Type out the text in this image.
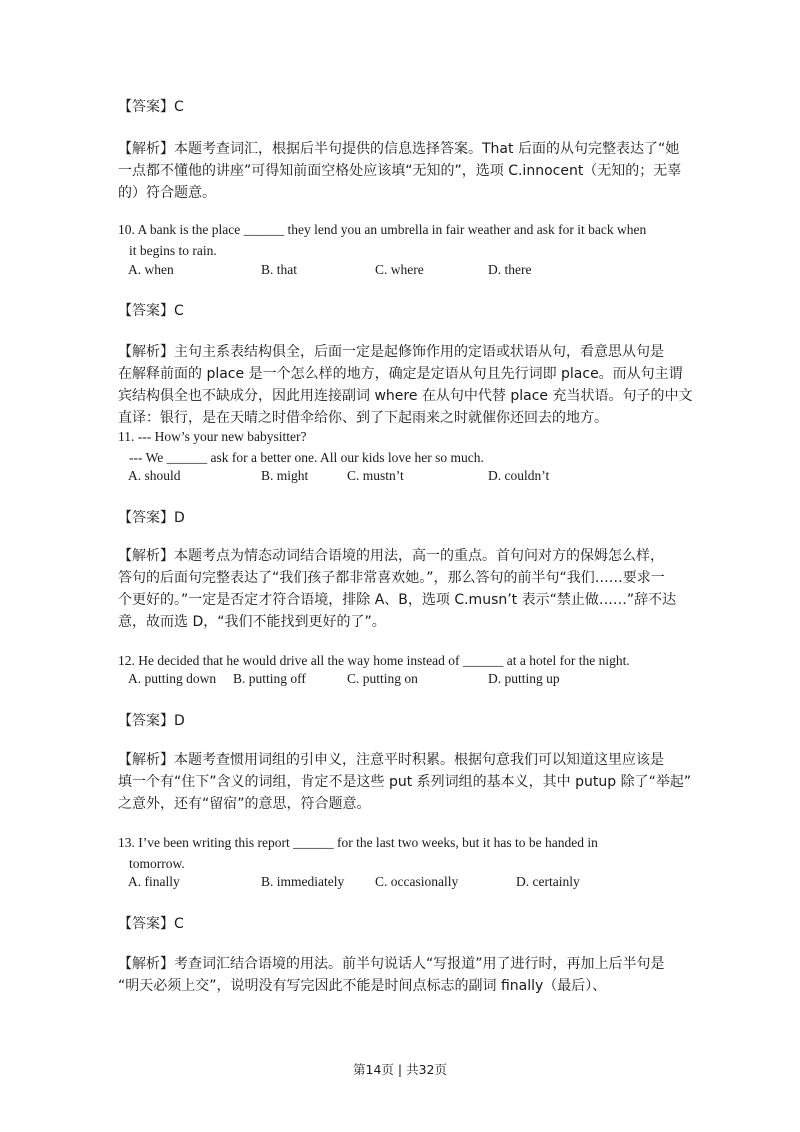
【答案】C
【解析】本题考查词汇，根据后半句提供的信息选择答案。That 后面的从句完整表达了“她
一点都不懂他的讲座”可得知前面空格处应该填“无知的”，选项 C.innocent（无知的；无辜
的）符合题意。
10. A bank is the place ______ they lend you an umbrella in fair weather and ask for it back when
it begins to rain.
A. when	B. that	C. where	D. there
【答案】C
【解析】主句主系表结构俱全，后面一定是起修饰作用的定语或状语从句，看意思从句是
在解释前面的 place 是一个怎么样的地方，确定是定语从句且先行词即 place。而从句主谓
宾结构俱全也不缺成分，因此用连接副词 where 在从句中代替 place 充当状语。句子的中文
直译：银行，是在天晴之时借伞给你、到了下起雨来之时就催你还回去的地方。
11. --- How’s your new babysitter?
--- We ______ ask for a better one. All our kids love her so much.
A. should	B. might	C. mustn’t	D. couldn’t
【答案】D
【解析】本题考点为情态动词结合语境的用法，高一的重点。首句问对方的保姆怎么样，
答句的后面句完整表达了“我们孩子都非常喜欢她。”，那么答句的前半句“我们……要求一
个更好的。”一定是否定才符合语境，排除 A、B，选项 C.musn’t 表示“禁止做……”辞不达
意，故而选 D，“我们不能找到更好的了”。
12. He decided that he would drive all the way home instead of ______ at a hotel for the night.
A. putting down B. putting off	C. putting on	D. putting up
【答案】D
【解析】本题考查惯用词组的引申义，注意平时积累。根据句意我们可以知道这里应该是
填一个有“住下”含义的词组，肯定不是这些 put 系列词组的基本义，其中 putup 除了“举起”
之意外，还有“留宿”的意思，符合题意。
13. I’ve been writing this report ______ for the last two weeks, but it has to be handed in
tomorrow.
A. finally	B. immediately C. occasionally	D. certainly
【答案】C
【解析】考查词汇结合语境的用法。前半句说话人“写报道”用了进行时，再加上后半句是
“明天必须上交”，说明没有写完因此不能是时间点标志的副词 finally（最后）、
第14页 | 共32页
